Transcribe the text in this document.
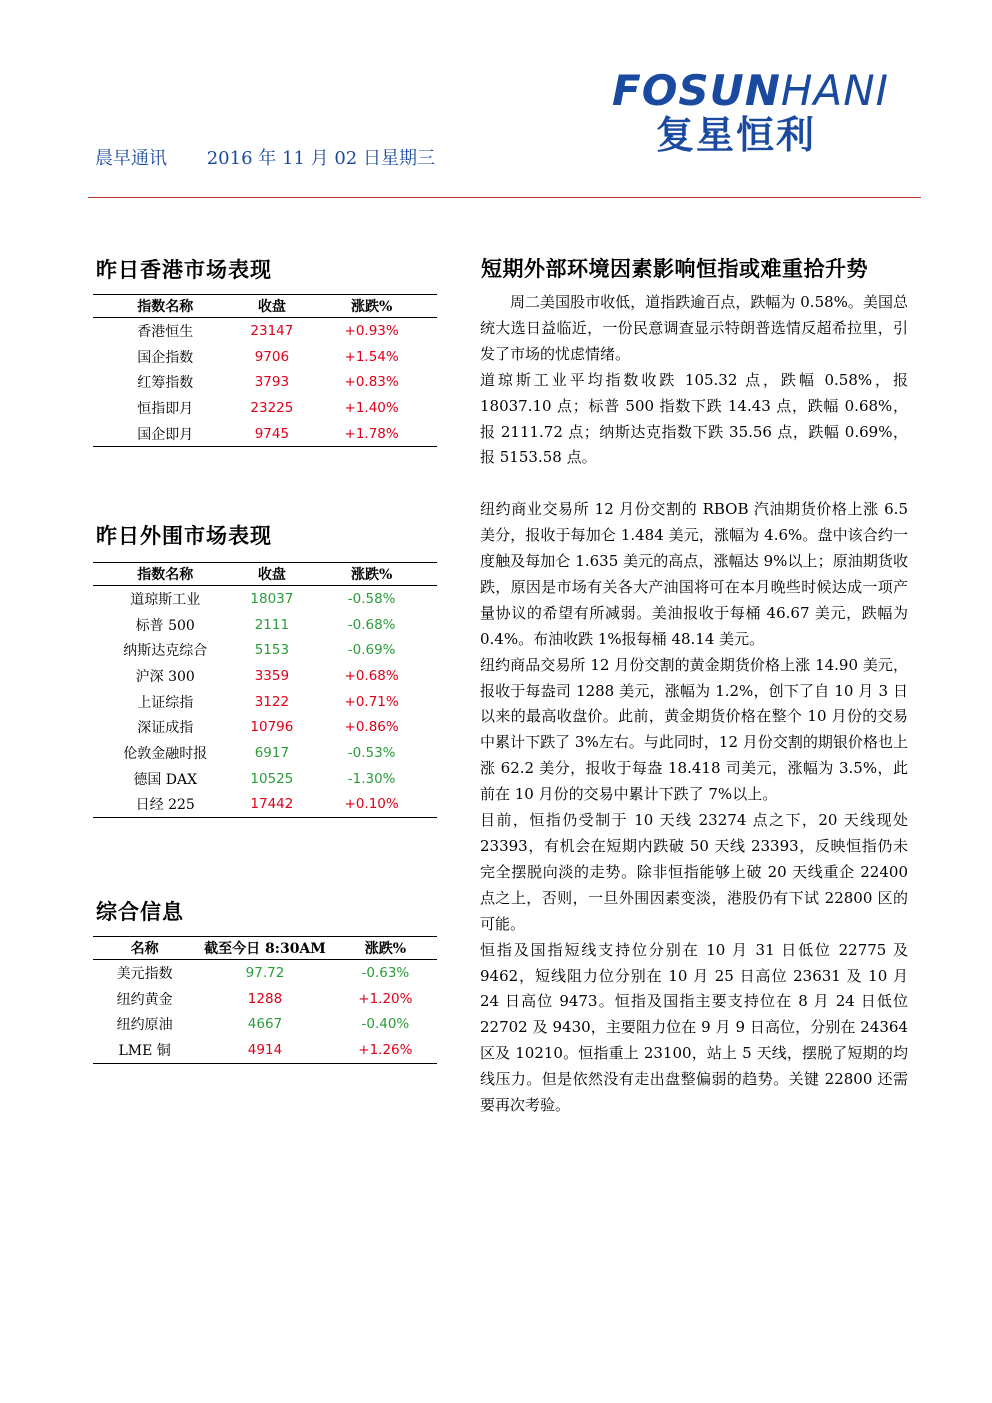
FOSUNHANI
复星恒利
晨早通讯 2016 年 11 月 02 日星期三
昨日香港市场表现
指数名称	收盘	涨跌%
香港恒生	23147	+0.93%
国企指数	9706	+1.54%
红筹指数	3793	+0.83%
恒指即月	23225	+1.40%
国企即月	9745	+1.78%
昨日外围市场表现
指数名称	收盘	涨跌%
道琼斯工业	18037	-0.58%
标普 500	2111	-0.68%
纳斯达克综合	5153	-0.69%
沪深 300	3359	+0.68%
上证综指	3122	+0.71%
深证成指	10796	+0.86%
伦敦金融时报	6917	-0.53%
德国 DAX	10525	-1.30%
日经 225	17442	+0.10%
综合信息
名称	截至今日 8:30AM	涨跌%
美元指数	97.72	-0.63%
纽约黄金	1288	+1.20%
纽约原油	4667	-0.40%
LME 铜	4914	+1.26%
短期外部环境因素影响恒指或难重拾升势

周二美国股市收低，道指跌逾百点，跌幅为 0.58%。美国总统大选日益临近，一份民意调查显示特朗普选情反超希拉里，引发了市场的忧虑情绪。

道琼斯工业平均指数收跌 105.32 点，跌幅 0.58%，报 18037.10 点；标普 500 指数下跌 14.43 点，跌幅 0.68%，报 2111.72 点；纳斯达克指数下跌 35.56 点，跌幅 0.69%，报 5153.58 点。

纽约商业交易所 12 月份交割的 RBOB 汽油期货价格上涨 6.5 美分，报收于每加仑 1.484 美元，涨幅为 4.6%。盘中该合约一度触及每加仑 1.635 美元的高点，涨幅达 9%以上；原油期货收跌，原因是市场有关各大产油国将可在本月晚些时候达成一项产量协议的希望有所减弱。美油报收于每桶 46.67 美元，跌幅为 0.4%。布油收跌 1%报每桶 48.14 美元。

纽约商品交易所 12 月份交割的黄金期货价格上涨 14.90 美元，报收于每盎司 1288 美元，涨幅为 1.2%，创下了自 10 月 3 日以来的最高收盘价。此前，黄金期货价格在整个 10 月份的交易中累计下跌了 3%左右。与此同时，12 月份交割的期银价格也上涨 62.2 美分，报收于每盎 18.418 司美元，涨幅为 3.5%，此前在 10 月份的交易中累计下跌了 7%以上。

目前，恒指仍受制于 10 天线 23274 点之下，20 天线现处 23393，有机会在短期内跌破 50 天线 23393，反映恒指仍未完全摆脱向淡的走势。除非恒指能够上破 20 天线重企 22400 点之上，否则，一旦外围因素变淡，港股仍有下试 22800 区的可能。

恒指及国指短线支持位分别在 10 月 31 日低位 22775 及 9462，短线阻力位分别在 10 月 25 日高位 23631 及 10 月 24 日高位 9473。恒指及国指主要支持位在 8 月 24 日低位 22702 及 9430，主要阻力位在 9 月 9 日高位，分别在 24364 区及 10210。恒指重上 23100，站上 5 天线，摆脱了短期的均线压力。但是依然没有走出盘整偏弱的趋势。关键 22800 还需要再次考验。
